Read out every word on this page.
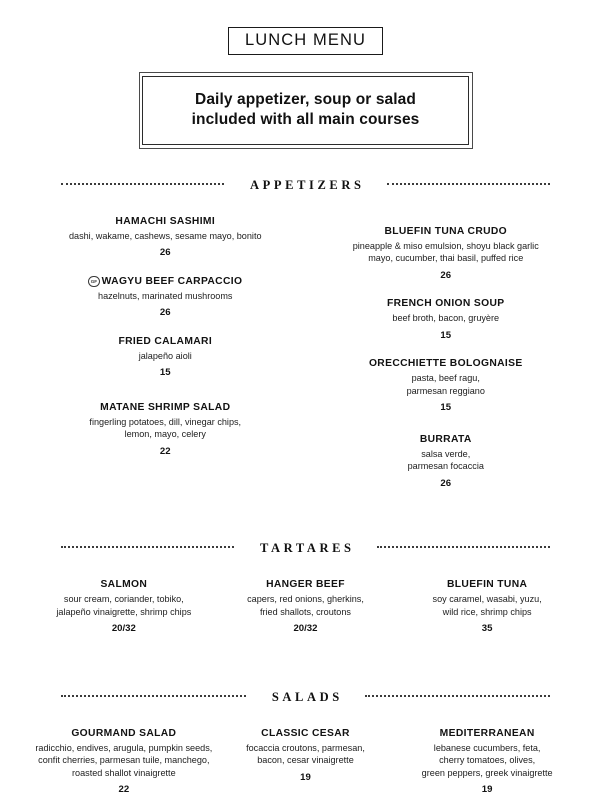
LUNCH MENU
Daily appetizer, soup or salad
included with all main courses
APPETIZERS
HAMACHI SASHIMI
dashi, wakame, cashews, sesame mayo, bonito
26
GF WAGYU BEEF CARPACCIO
hazelnuts, marinated mushrooms
26
FRIED CALAMARI
jalapeño aioli
15
MATANE SHRIMP SALAD
fingerling potatoes, dill, vinegar chips,
lemon, mayo, celery
22
BLUEFIN TUNA CRUDO
pineapple & miso emulsion, shoyu black garlic
mayo, cucumber, thai basil, puffed rice
26
FRENCH ONION SOUP
beef broth, bacon, gruyère
15
ORECCHIETTE BOLOGNAISE
pasta, beef ragu,
parmesan reggiano
15
BURRATA
salsa verde,
parmesan focaccia
26
TARTARES
SALMON
sour cream, coriander, tobiko,
jalapeño vinaigrette, shrimp chips
20/32
HANGER BEEF
capers, red onions, gherkins,
fried shallots, croutons
20/32
BLUEFIN TUNA
soy caramel, wasabi, yuzu,
wild rice, shrimp chips
35
SALADS
GOURMAND SALAD
radicchio, endives, arugula, pumpkin seeds,
confit cherries, parmesan tuile, manchego,
roasted shallot vinaigrette
22
CLASSIC CESAR
focaccia croutons, parmesan,
bacon, cesar vinaigrette
19
MEDITERRANEAN
lebanese cucumbers, feta,
cherry tomatoes, olives,
green peppers, greek vinaigrette
19
